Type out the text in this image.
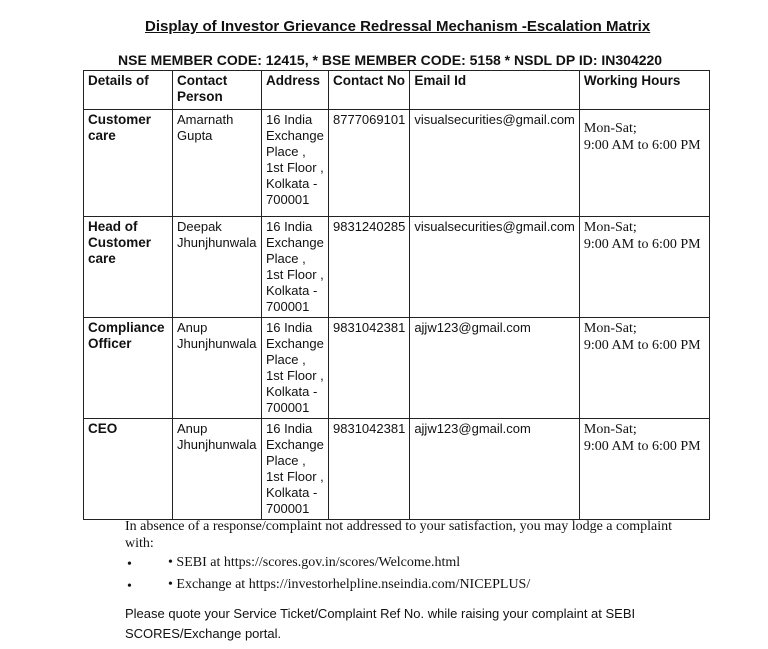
Display of Investor Grievance Redressal Mechanism -Escalation Matrix
NSE MEMBER CODE: 12415, * BSE MEMBER CODE: 5158 * NSDL DP ID: IN304220
Details of	Contact Person	Address	Contact No	Email Id	Working Hours
Customer care	Amarnath Gupta	16 India Exchange Place , 1st Floor , Kolkata - 700001	8777069101	visualsecurities@gmail.com	Mon-Sat;
9:00 AM to 6:00 PM

Head of Customer care	Deepak Jhunjhunwala	16 India Exchange Place , 1st Floor , Kolkata - 700001	9831240285	visualsecurities@gmail.com	Mon-Sat;
9:00 AM to 6:00 PM

Compliance Officer	Anup Jhunjhunwala	16 India Exchange Place , 1st Floor , Kolkata - 700001	9831042381	ajjw123@gmail.com	Mon-Sat;
9:00 AM to 6:00 PM

CEO	Anup Jhunjhunwala	16 India Exchange Place , 1st Floor , Kolkata - 700001	9831042381	ajjw123@gmail.com	Mon-Sat;
9:00 AM to 6:00 PM
In absence of a response/complaint not addressed to your satisfaction, you may lodge a complaint with:
•	• SEBI at https://scores.gov.in/scores/Welcome.html
•	• Exchange at https://investorhelpline.nseindia.com/NICEPLUS/
Please quote your Service Ticket/Complaint Ref No. while raising your complaint at SEBI SCORES/Exchange portal.
